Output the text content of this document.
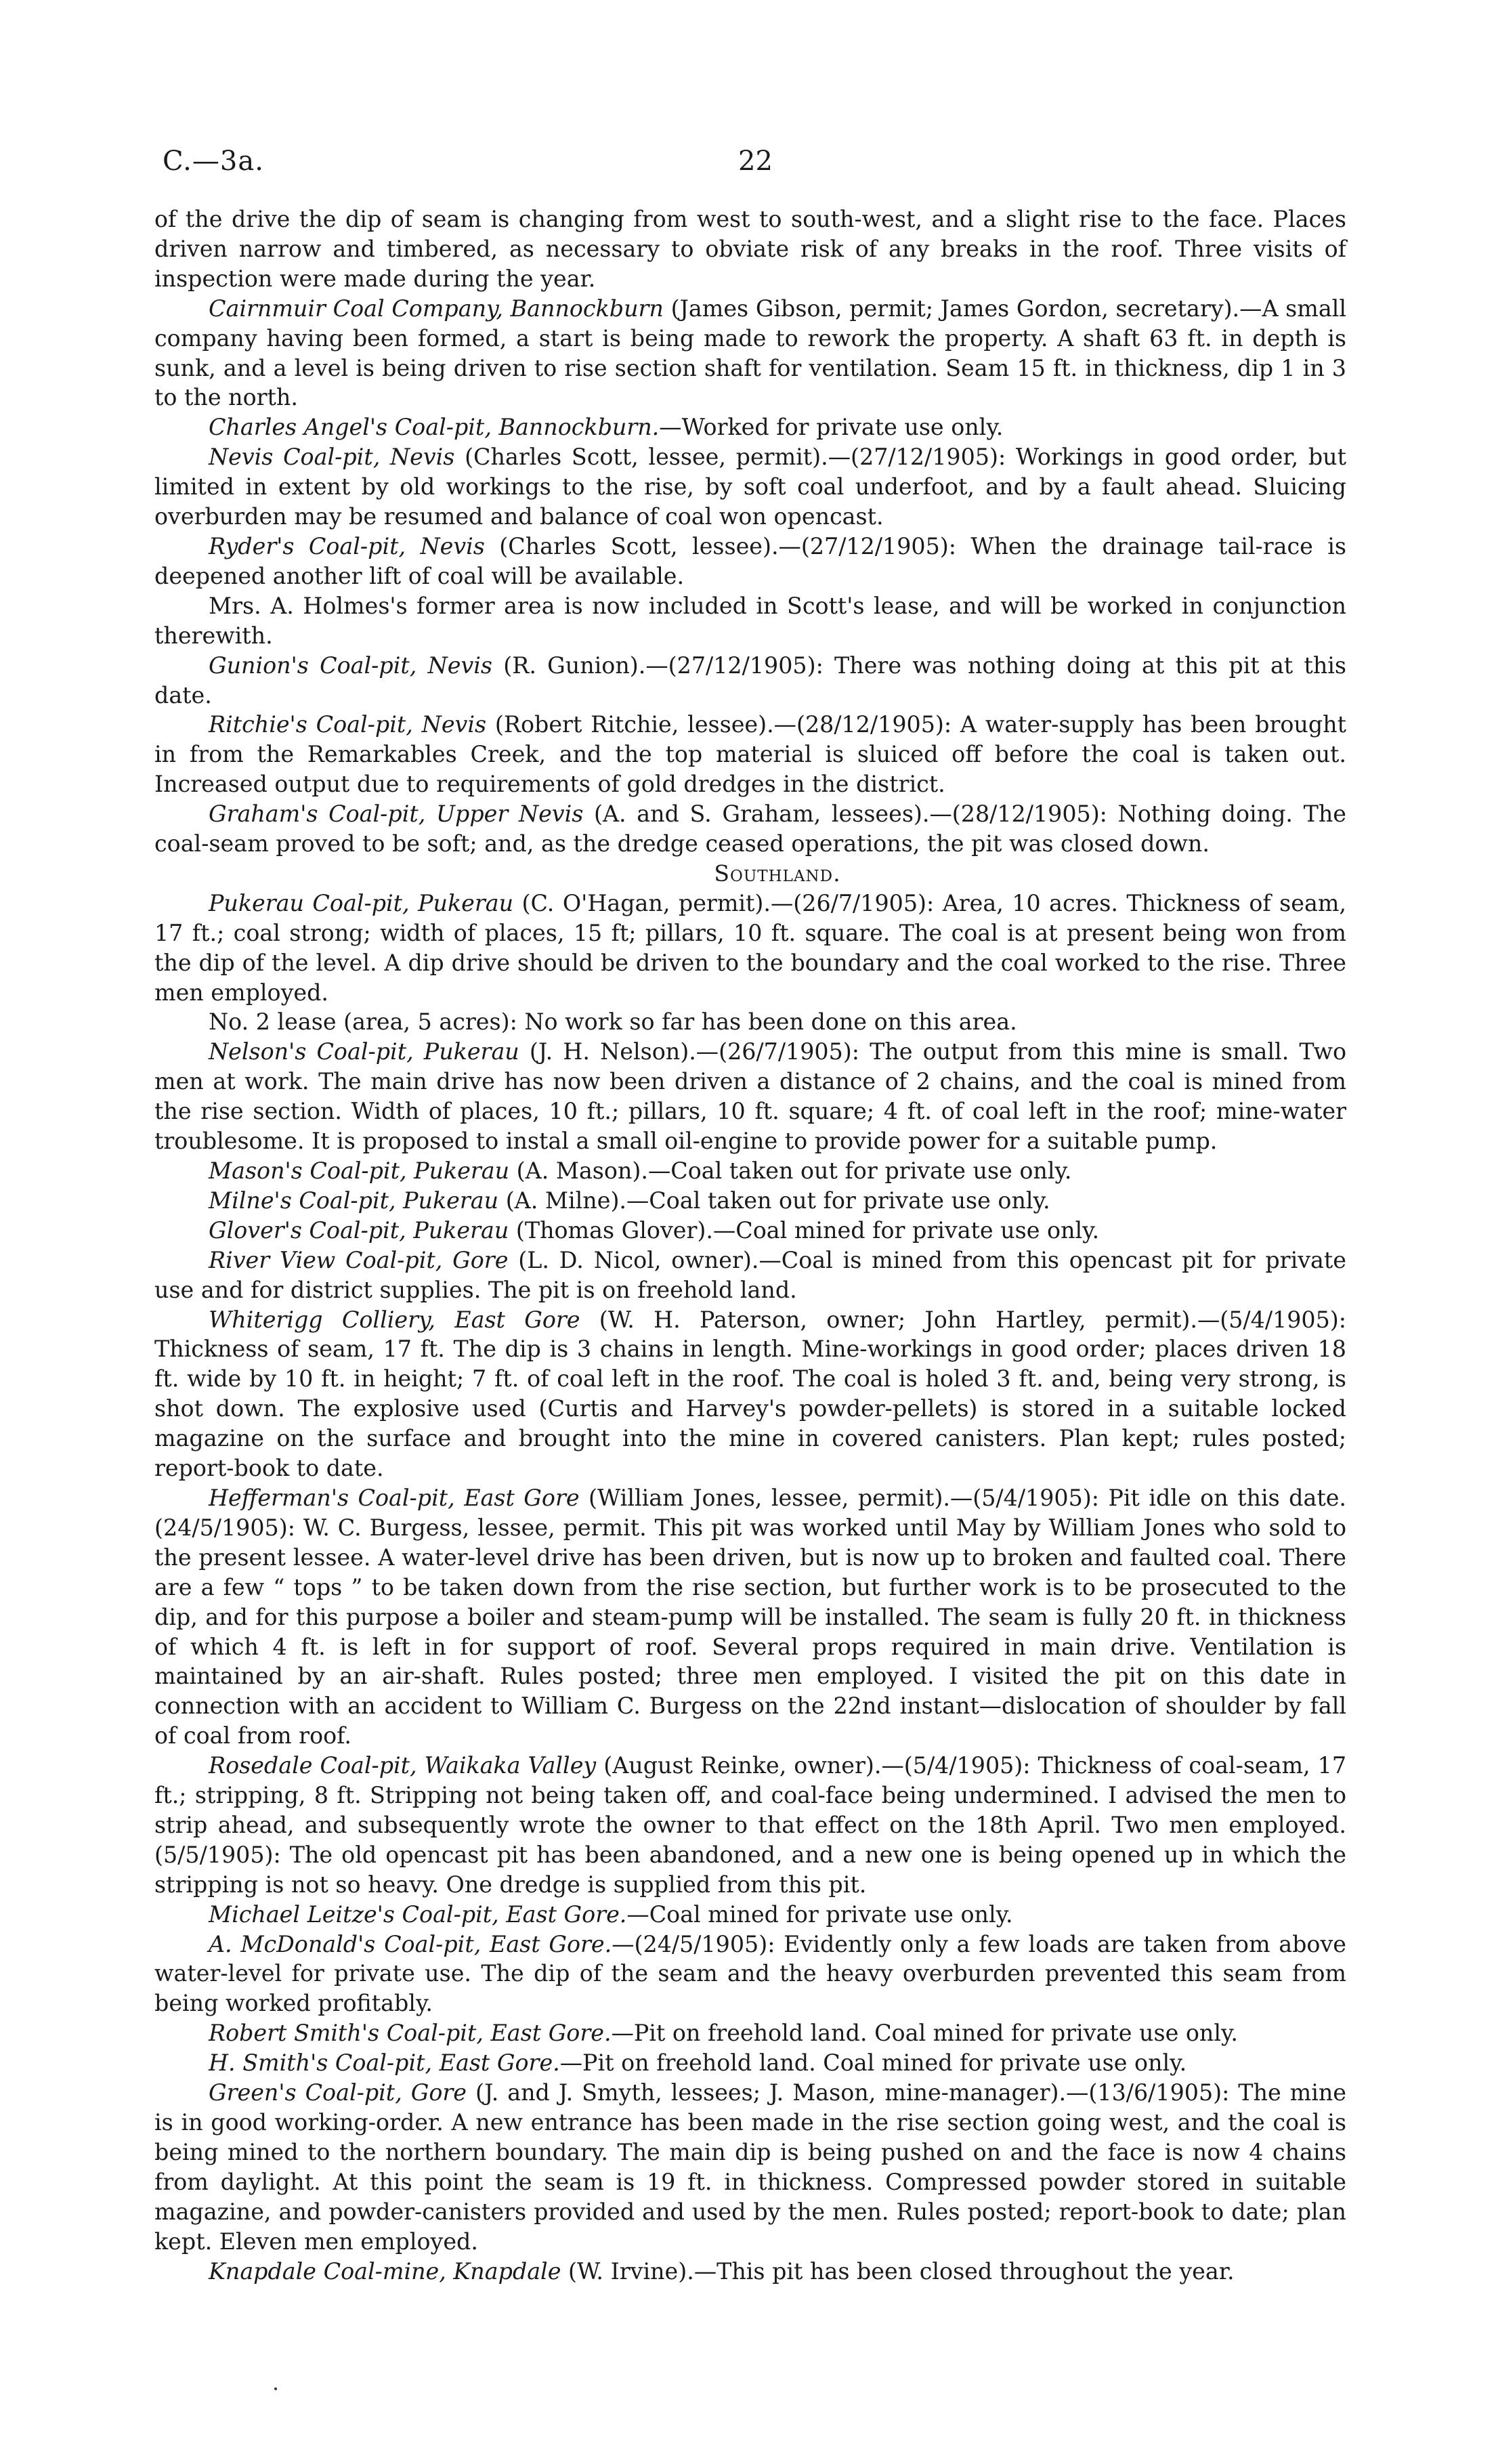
C.—3a.	22

of the drive the dip of seam is changing from west to south-west, and a slight rise to the face. Places driven narrow and timbered, as necessary to obviate risk of any breaks in the roof. Three visits of inspection were made during the year.

Cairnmuir Coal Company, Bannockburn (James Gibson, permit; James Gordon, secretary).—A small company having been formed, a start is being made to rework the property. A shaft 63 ft. in depth is sunk, and a level is being driven to rise section shaft for ventilation. Seam 15 ft. in thickness, dip 1 in 3 to the north.

Charles Angel's Coal-pit, Bannockburn.—Worked for private use only.

Nevis Coal-pit, Nevis (Charles Scott, lessee, permit).—(27/12/1905): Workings in good order, but limited in extent by old workings to the rise, by soft coal underfoot, and by a fault ahead. Sluicing overburden may be resumed and balance of coal won opencast.

Ryder's Coal-pit, Nevis (Charles Scott, lessee).—(27/12/1905): When the drainage tail-race is deepened another lift of coal will be available.

Mrs. A. Holmes's former area is now included in Scott's lease, and will be worked in conjunction therewith.

Gunion's Coal-pit, Nevis (R. Gunion).—(27/12/1905): There was nothing doing at this pit at this date.

Ritchie's Coal-pit, Nevis (Robert Ritchie, lessee).—(28/12/1905): A water-supply has been brought in from the Remarkables Creek, and the top material is sluiced off before the coal is taken out. Increased output due to requirements of gold dredges in the district.

Graham's Coal-pit, Upper Nevis (A. and S. Graham, lessees).—(28/12/1905): Nothing doing. The coal-seam proved to be soft; and, as the dredge ceased operations, the pit was closed down.

Southland.

Pukerau Coal-pit, Pukerau (C. O'Hagan, permit).—(26/7/1905): Area, 10 acres. Thickness of seam, 17 ft.; coal strong; width of places, 15 ft; pillars, 10 ft. square. The coal is at present being won from the dip of the level. A dip drive should be driven to the boundary and the coal worked to the rise. Three men employed.

No. 2 lease (area, 5 acres): No work so far has been done on this area.

Nelson's Coal-pit, Pukerau (J. H. Nelson).—(26/7/1905): The output from this mine is small. Two men at work. The main drive has now been driven a distance of 2 chains, and the coal is mined from the rise section. Width of places, 10 ft.; pillars, 10 ft. square; 4 ft. of coal left in the roof; mine-water troublesome. It is proposed to instal a small oil-engine to provide power for a suitable pump.

Mason's Coal-pit, Pukerau (A. Mason).—Coal taken out for private use only.

Milne's Coal-pit, Pukerau (A. Milne).—Coal taken out for private use only.

Glover's Coal-pit, Pukerau (Thomas Glover).—Coal mined for private use only.

River View Coal-pit, Gore (L. D. Nicol, owner).—Coal is mined from this opencast pit for private use and for district supplies. The pit is on freehold land.

Whiterigg Colliery, East Gore (W. H. Paterson, owner; John Hartley, permit).—(5/4/1905): Thickness of seam, 17 ft. The dip is 3 chains in length. Mine-workings in good order; places driven 18 ft. wide by 10 ft. in height; 7 ft. of coal left in the roof. The coal is holed 3 ft. and, being very strong, is shot down. The explosive used (Curtis and Harvey's powder-pellets) is stored in a suitable locked magazine on the surface and brought into the mine in covered canisters. Plan kept; rules posted; report-book to date.

Hefferman's Coal-pit, East Gore (William Jones, lessee, permit).—(5/4/1905): Pit idle on this date. (24/5/1905): W. C. Burgess, lessee, permit. This pit was worked until May by William Jones who sold to the present lessee. A water-level drive has been driven, but is now up to broken and faulted coal. There are a few “ tops ” to be taken down from the rise section, but further work is to be prosecuted to the dip, and for this purpose a boiler and steam-pump will be installed. The seam is fully 20 ft. in thickness of which 4 ft. is left in for support of roof. Several props required in main drive. Ventilation is maintained by an air-shaft. Rules posted; three men employed. I visited the pit on this date in connection with an accident to William C. Burgess on the 22nd instant—dislocation of shoulder by fall of coal from roof.

Rosedale Coal-pit, Waikaka Valley (August Reinke, owner).—(5/4/1905): Thickness of coal-seam, 17 ft.; stripping, 8 ft. Stripping not being taken off, and coal-face being undermined. I advised the men to strip ahead, and subsequently wrote the owner to that effect on the 18th April. Two men employed. (5/5/1905): The old opencast pit has been abandoned, and a new one is being opened up in which the stripping is not so heavy. One dredge is supplied from this pit.

Michael Leitze's Coal-pit, East Gore.—Coal mined for private use only.

A. McDonald's Coal-pit, East Gore.—(24/5/1905): Evidently only a few loads are taken from above water-level for private use. The dip of the seam and the heavy overburden prevented this seam from being worked profitably.

Robert Smith's Coal-pit, East Gore.—Pit on freehold land. Coal mined for private use only.

H. Smith's Coal-pit, East Gore.—Pit on freehold land. Coal mined for private use only.

Green's Coal-pit, Gore (J. and J. Smyth, lessees; J. Mason, mine-manager).—(13/6/1905): The mine is in good working-order. A new entrance has been made in the rise section going west, and the coal is being mined to the northern boundary. The main dip is being pushed on and the face is now 4 chains from daylight. At this point the seam is 19 ft. in thickness. Compressed powder stored in suitable magazine, and powder-canisters provided and used by the men. Rules posted; report-book to date; plan kept. Eleven men employed.

Knapdale Coal-mine, Knapdale (W. Irvine).—This pit has been closed throughout the year.
